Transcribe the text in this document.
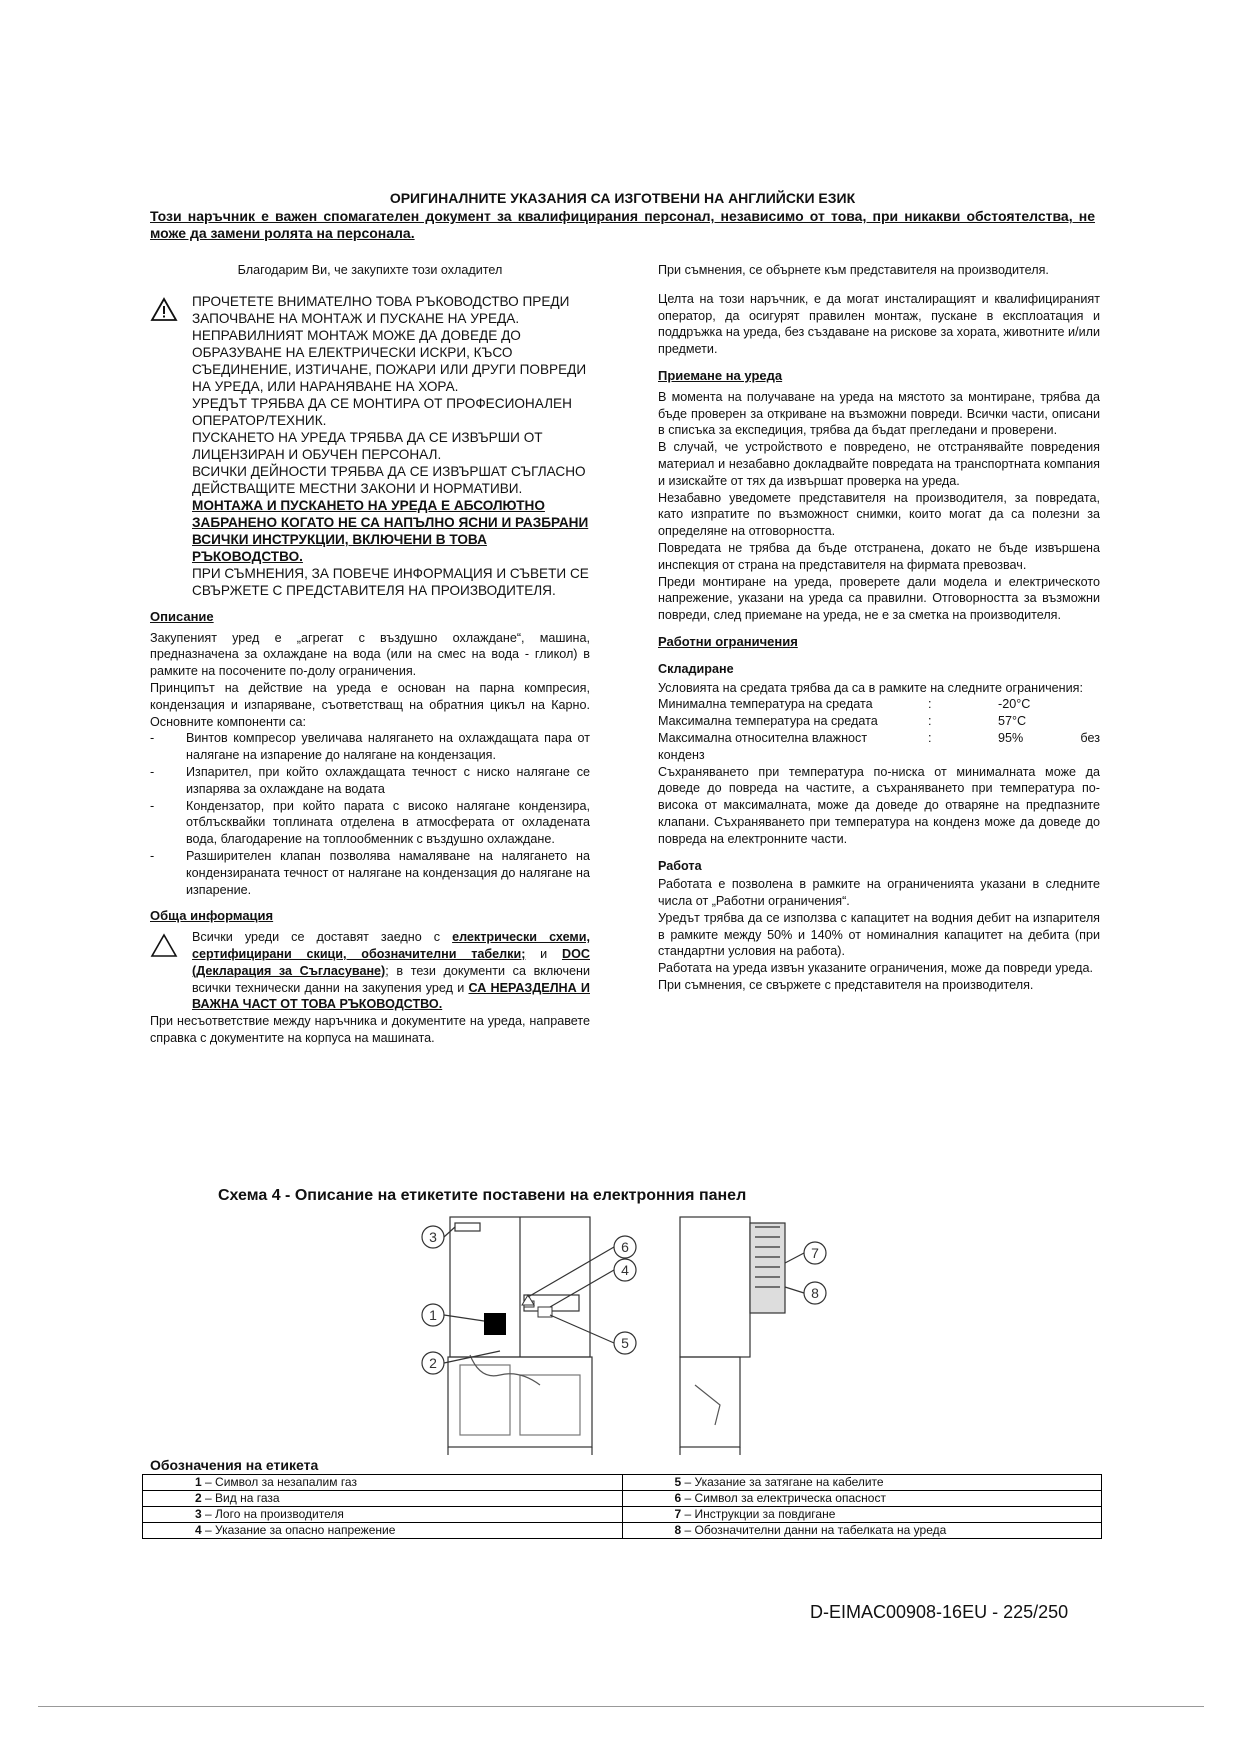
ОРИГИНАЛНИТЕ УКАЗАНИЯ СА ИЗГОТВЕНИ НА АНГЛИЙСКИ ЕЗИК
Този наръчник е важен спомагателен документ за квалифицирания персонал, независимо от това, при никакви обстоятелства, не може да замени ролята на персонала.

Благодарим Ви, че закупихте този охладител

ПРОЧЕТЕТЕ ВНИМАТЕЛНО ТОВА РЪКОВОДСТВО ПРЕДИ ЗАПОЧВАНЕ НА МОНТАЖ И ПУСКАНЕ НА УРЕДА.

НЕПРАВИЛНИЯТ МОНТАЖ МОЖЕ ДА ДОВЕДЕ ДО ОБРАЗУВАНЕ НА ЕЛЕКТРИЧЕСКИ ИСКРИ, КЪСО СЪЕДИНЕНИЕ, ИЗТИЧАНЕ, ПОЖАРИ ИЛИ ДРУГИ ПОВРЕДИ НА УРЕДА, ИЛИ НАРАНЯВАНЕ НА ХОРА.

УРЕДЪТ ТРЯБВА ДА СЕ МОНТИРА ОТ ПРОФЕСИОНАЛЕН ОПЕРАТОР/ТЕХНИК.

ПУСКАНЕТО НА УРЕДА ТРЯБВА ДА СЕ ИЗВЪРШИ ОТ ЛИЦЕНЗИРАН И ОБУЧЕН ПЕРСОНАЛ.

ВСИЧКИ ДЕЙНОСТИ ТРЯБВА ДА СЕ ИЗВЪРШАТ СЪГЛАСНО ДЕЙСТВАЩИТЕ МЕСТНИ ЗАКОНИ И НОРМАТИВИ.

МОНТАЖА И ПУСКАНЕТО НА УРЕДА Е АБСОЛЮТНО ЗАБРАНЕНО КОГАТО НЕ СА НАПЪЛНО ЯСНИ И РАЗБРАНИ ВСИЧКИ ИНСТРУКЦИИ, ВКЛЮЧЕНИ В ТОВА РЪКОВОДСТВО.

ПРИ СЪМНЕНИЯ, ЗА ПОВЕЧЕ ИНФОРМАЦИЯ И СЪВЕТИ СЕ СВЪРЖЕТЕ С ПРЕДСТАВИТЕЛЯ НА ПРОИЗВОДИТЕЛЯ.

Описание

Закупеният уред е „агрегат с въздушно охлаждане“, машина, предназначена за охлаждане на вода (или на смес на вода - гликол) в рамките на посочените по-долу ограничения.

Принципът на действие на уреда е основан на парна компресия, кондензация и изпаряване, съответстващ на обратния цикъл на Карно. Основните компоненти са:

- Винтов компресор увеличава налягането на охлаждащата пара от налягане на изпарение до налягане на кондензация.

- Изпарител, при който охлаждащата течност с ниско налягане се изпарява за охлаждане на водата

- Кондензатор, при който парата с високо налягане кондензира, отблъсквайки топлината отделена в атмосферата от охладената вода, благодарение на топлообменник с въздушно охлаждане.

- Разширителен клапан позволява намаляване на налягането на кондензираната течност от налягане на кондензация до налягане на изпарение.

Обща информация

Всички уреди се доставят заедно с електрически схеми, сертифицирани скици, обозначителни табелки; и DOC (Декларация за Съгласуване); в тези документи са включени всички технически данни на закупения уред и СА НЕРАЗДЕЛНА И ВАЖНА ЧАСТ ОТ ТОВА РЪКОВОДСТВО.

При несъответствие между наръчника и документите на уреда, направете справка с документите на корпуса на машината.

При съмнения, се обърнете към представителя на производителя.

Целта на този наръчник, е да могат инсталиращият и квалифицираният оператор, да осигурят правилен монтаж, пускане в експлоатация и поддръжка на уреда, без създаване на рискове за хората, животните и/или предмети.

Приемане на уреда

В момента на получаване на уреда на мястото за монтиране, трябва да бъде проверен за откриване на възможни повреди. Всички части, описани в списъка за експедиция, трябва да бъдат прегледани и проверени.

В случай, че устройството е повредено, не отстранявайте повредения материал и незабавно докладвайте повредата на транспортната компания и изискайте от тях да извършат проверка на уреда.

Незабавно уведомете представителя на производителя, за повредата, като изпратите по възможност снимки, които могат да са полезни за определяне на отговорността.

Повредата не трябва да бъде отстранена, докато не бъде извършена инспекция от страна на представителя на фирмата превозвач.

Преди монтиране на уреда, проверете дали модела и електрическото напрежение, указани на уреда са правилни. Отговорността за възможни повреди, след приемане на уреда, не е за сметка на производителя.

Работни ограничения
Складиране

Условията на средата трябва да са в рамките на следните ограничения:

Минимална температура на средата	:	-20°C
Максимална температура на средата	:	57°C
Максимална относителна влажност	:	95%	без

конденз

Съхраняването при температура по-ниска от минималната може да доведе до повреда на частите, а съхраняването при температура по-висока от максималната, може да доведе до отваряне на предпазните клапани. Съхраняването при температура на конденз може да доведе до повреда на електронните части.

Работа

Работата е позволена в рамките на ограниченията указани в следните числа от „Работни ограничения“.

Уредът трябва да се използва с капацитет на водния дебит на изпарителя в рамките между 50% и 140% от номиналния капацитет на дебита (при стандартни условия на работа).

Работата на уреда извън указаните ограничения, може да повреди уреда.

При съмнения, се свържете с представителя на производителя.

Схема 4 - Описание на етикетите поставени на електронния панел
1
2
3
4
5
6	7
8
Обозначения на етикета
1 – Символ за незапалим газ	5 – Указание за затягане на кабелите
2 – Вид на газа	6 – Символ за електрическа опасност
3 – Лого на производителя	7 – Инструкции за повдигане
4 – Указание за опасно напрежение	8 – Обозначителни данни на табелката на уреда
D-EIMAC00908-16EU - 225/250
